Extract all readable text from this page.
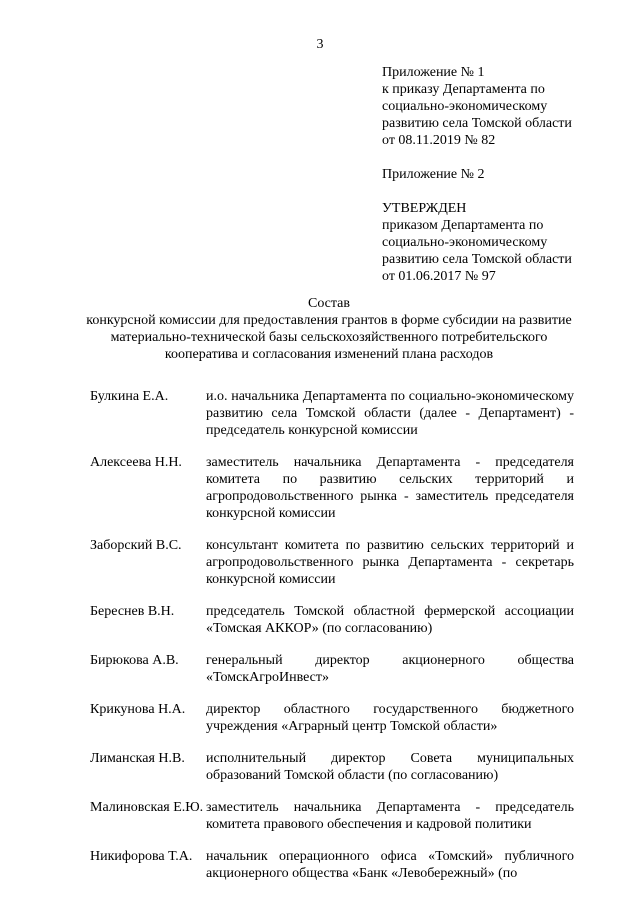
3

Приложение № 1

к приказу Департамента по

социально-экономическому

развитию села Томской области

от 08.11.2019 № 82

Приложение № 2

УТВЕРЖДЕН

приказом Департамента по

социально-экономическому

развитию села Томской области

от 01.06.2017 № 97

Состав
конкурсной комиссии для предоставления грантов в форме субсидии на развитие
материально-технической базы сельскохозяйственного потребительского
кооператива и согласования изменений плана расходов
Булкина Е.А.	и.о. начальника Департамента по социально-экономическому развитию села Томской области (далее - Департамент) - председатель конкурсной комиссии
Алексеева Н.Н.	заместитель начальника Департамента - председателя комитета по развитию сельских территорий и агропродовольственного рынка - заместитель председателя конкурсной комиссии
Заборский В.С.	консультант комитета по развитию сельских территорий и агропродовольственного рынка Департамента - секретарь конкурсной комиссии
Береснев В.Н.	председатель Томской областной фермерской ассоциации «Томская АККОР» (по согласованию)
Бирюкова А.В.	генеральный директор акционерного общества «ТомскАгроИнвест»
Крикунова Н.А.	директор областного государственного бюджетного учреждения «Аграрный центр Томской области»
Лиманская Н.В.	исполнительный директор Совета муниципальных образований Томской области (по согласованию)
Малиновская Е.Ю. заместитель начальника Департамента - председатель комитета правового обеспечения и кадровой политики
Никифорова Т.А. начальник операционного офиса «Томский» публичного акционерного общества «Банк «Левобережный» (по
